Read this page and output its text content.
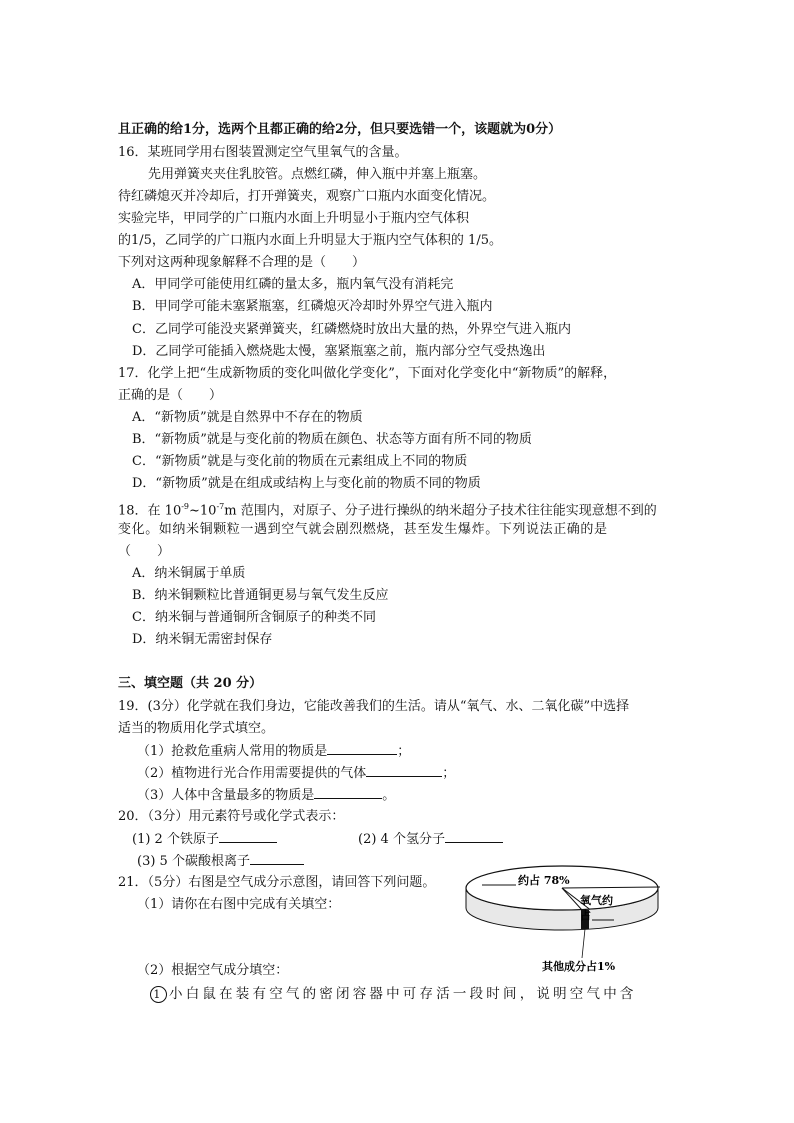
且正确的给1分，选两个且都正确的给2分，但只要选错一个，该题就为0分）
16．某班同学用右图装置测定空气里氧气的含量。
先用弹簧夹夹住乳胶管。点燃红磷，伸入瓶中并塞上瓶塞。
待红磷熄灭并冷却后，打开弹簧夹，观察广口瓶内水面变化情况。
实验完毕，甲同学的广口瓶内水面上升明显小于瓶内空气体积
的1/5，乙同学的广口瓶内水面上升明显大于瓶内空气体积的 1/5。
下列对这两种现象解释不合理的是（　　）
A．甲同学可能使用红磷的量太多，瓶内氧气没有消耗完
B．甲同学可能未塞紧瓶塞，红磷熄灭冷却时外界空气进入瓶内
C．乙同学可能没夹紧弹簧夹，红磷燃烧时放出大量的热，外界空气进入瓶内
D．乙同学可能插入燃烧匙太慢，塞紧瓶塞之前，瓶内部分空气受热逸出
17．化学上把“生成新物质的变化叫做化学变化”，下面对化学变化中“新物质”的解释，
正确的是（　　）
A．“新物质”就是自然界中不存在的物质
B．“新物质”就是与变化前的物质在颜色、状态等方面有所不同的物质
C．“新物质”就是与变化前的物质在元素组成上不同的物质
D．“新物质”就是在组成或结构上与变化前的物质不同的物质
18．在 $10^{-9}\sim 10^{-7}m$ 范围内，对原子、分子进行操纵的纳米超分子技术往往能实现意想不到的
变化。如纳米铜颗粒一遇到空气就会剧烈燃烧，甚至发生爆炸。下列说法正确的是
（　　）
A．纳米铜属于单质
B．纳米铜颗粒比普通铜更易与氧气发生反应
C．纳米铜与普通铜所含铜原子的种类不同
D．纳米铜无需密封保存
三、填空题（共 20 分）
19．(3分）化学就在我们身边，它能改善我们的生活。请从“氧气、水、二氧化碳”中选择
适当的物质用化学式填空。
（1）抢救危重病人常用的物质是	；
（2）植物进行光合作用需要提供的气体	；
（3）人体中含量最多的物质是	。
20．（3分）用元素符号或化学式表示：
(1) 2 个铁原子	(2) 4 个氢分子
(3) 5 个碳酸根离子
21．（5分）右图是空气成分示意图，请回答下列问题。
（1）请你在右图中完成有关填空：
（2）根据空气成分填空：
1 小白鼠在装有空气的密闭容器中可存活一段时间，说明空气中含
约占 78%
氧气约
占
其他成分占1%
